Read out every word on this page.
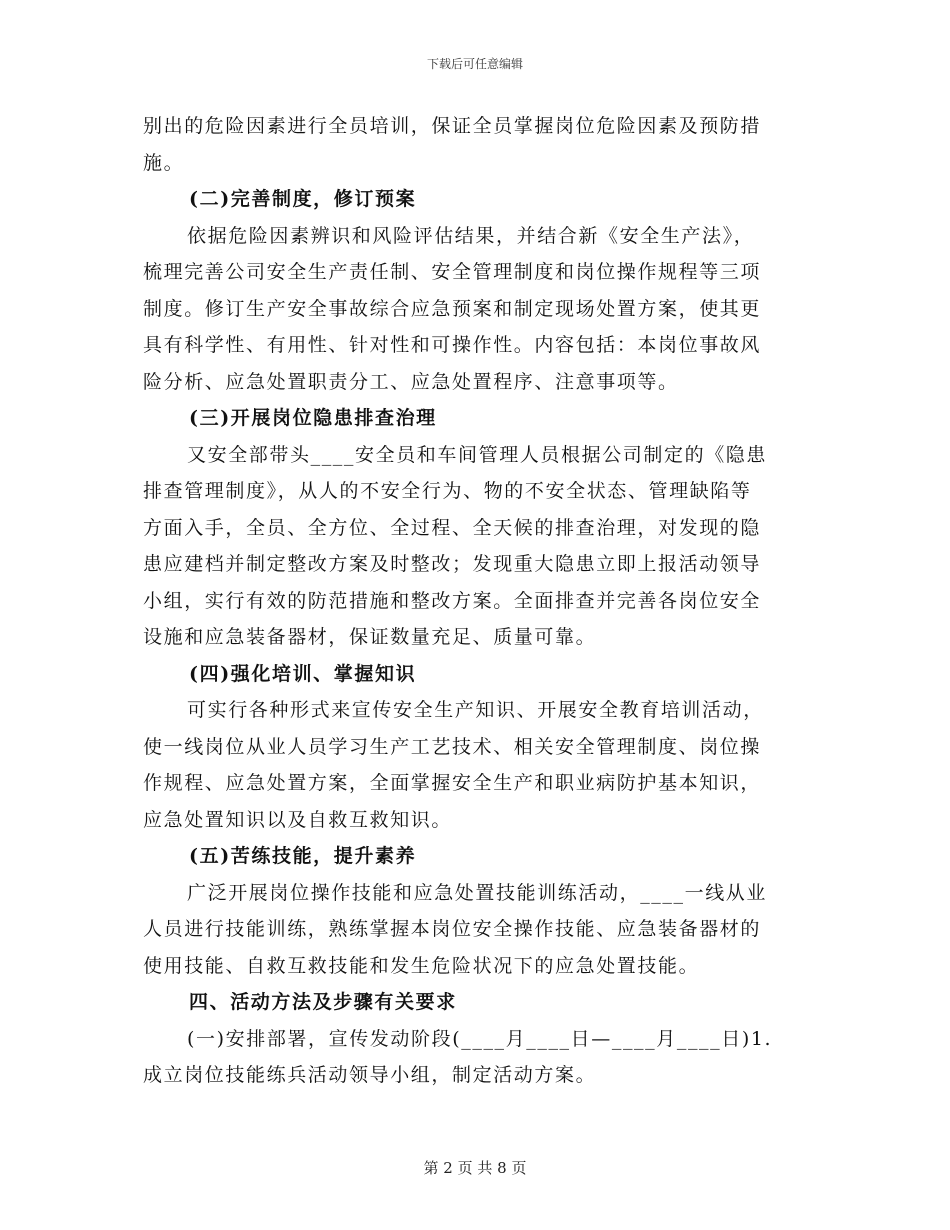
下载后可任意编辑
别出的危险因素进行全员培训，保证全员掌握岗位危险因素及预防措
施。
(二)完善制度，修订预案
依据危险因素辨识和风险评估结果，并结合新《安全生产法》，
梳理完善公司安全生产责任制、安全管理制度和岗位操作规程等三项
制度。修订生产安全事故综合应急预案和制定现场处置方案，使其更
具有科学性、有用性、针对性和可操作性。内容包括：本岗位事故风
险分析、应急处置职责分工、应急处置程序、注意事项等。
(三)开展岗位隐患排查治理
又安全部带头____安全员和车间管理人员根据公司制定的《隐患
排查管理制度》，从人的不安全行为、物的不安全状态、管理缺陷等
方面入手，全员、全方位、全过程、全天候的排查治理，对发现的隐
患应建档并制定整改方案及时整改；发现重大隐患立即上报活动领导
小组，实行有效的防范措施和整改方案。全面排查并完善各岗位安全
设施和应急装备器材，保证数量充足、质量可靠。
(四)强化培训、掌握知识
可实行各种形式来宣传安全生产知识、开展安全教育培训活动，
使一线岗位从业人员学习生产工艺技术、相关安全管理制度、岗位操
作规程、应急处置方案，全面掌握安全生产和职业病防护基本知识，
应急处置知识以及自救互救知识。
(五)苦练技能，提升素养
广泛开展岗位操作技能和应急处置技能训练活动，____一线从业
人员进行技能训练，熟练掌握本岗位安全操作技能、应急装备器材的
使用技能、自救互救技能和发生危险状况下的应急处置技能。
四、活动方法及步骤有关要求
(一)安排部署，宣传发动阶段(____月____日—____月____日)1.
成立岗位技能练兵活动领导小组，制定活动方案。
第 2 页 共 8 页
